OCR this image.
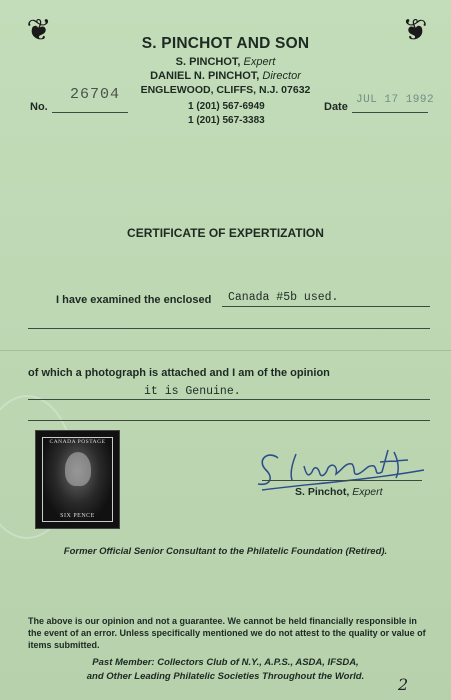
❦	❦
S. PINCHOT AND SON
S. PINCHOT, Expert
DANIEL N. PINCHOT, Director
ENGLEWOOD, CLIFFS, N.J. 07632
No.
26704
1 (201) 567-6949
1 (201) 567-3383
Date
JUL 17 1992
CERTIFICATE OF EXPERTIZATION
I have examined the enclosed Canada #5b used.
of which a photograph is attached and I am of the opinion
it is Genuine.
CANADA POSTAGE
SIX PENCE
S. Pinchot, Expert
Former Official Senior Consultant to the Philatelic Foundation (Retired).
The above is our opinion and not a guarantee. We cannot be held financially responsible in the event of an error. Unless specifically mentioned we do not attest to the quality or value of items submitted.
Past Member: Collectors Club of N.Y., A.P.S., ASDA, IFSDA,
and Other Leading Philatelic Societies Throughout the World.	2
